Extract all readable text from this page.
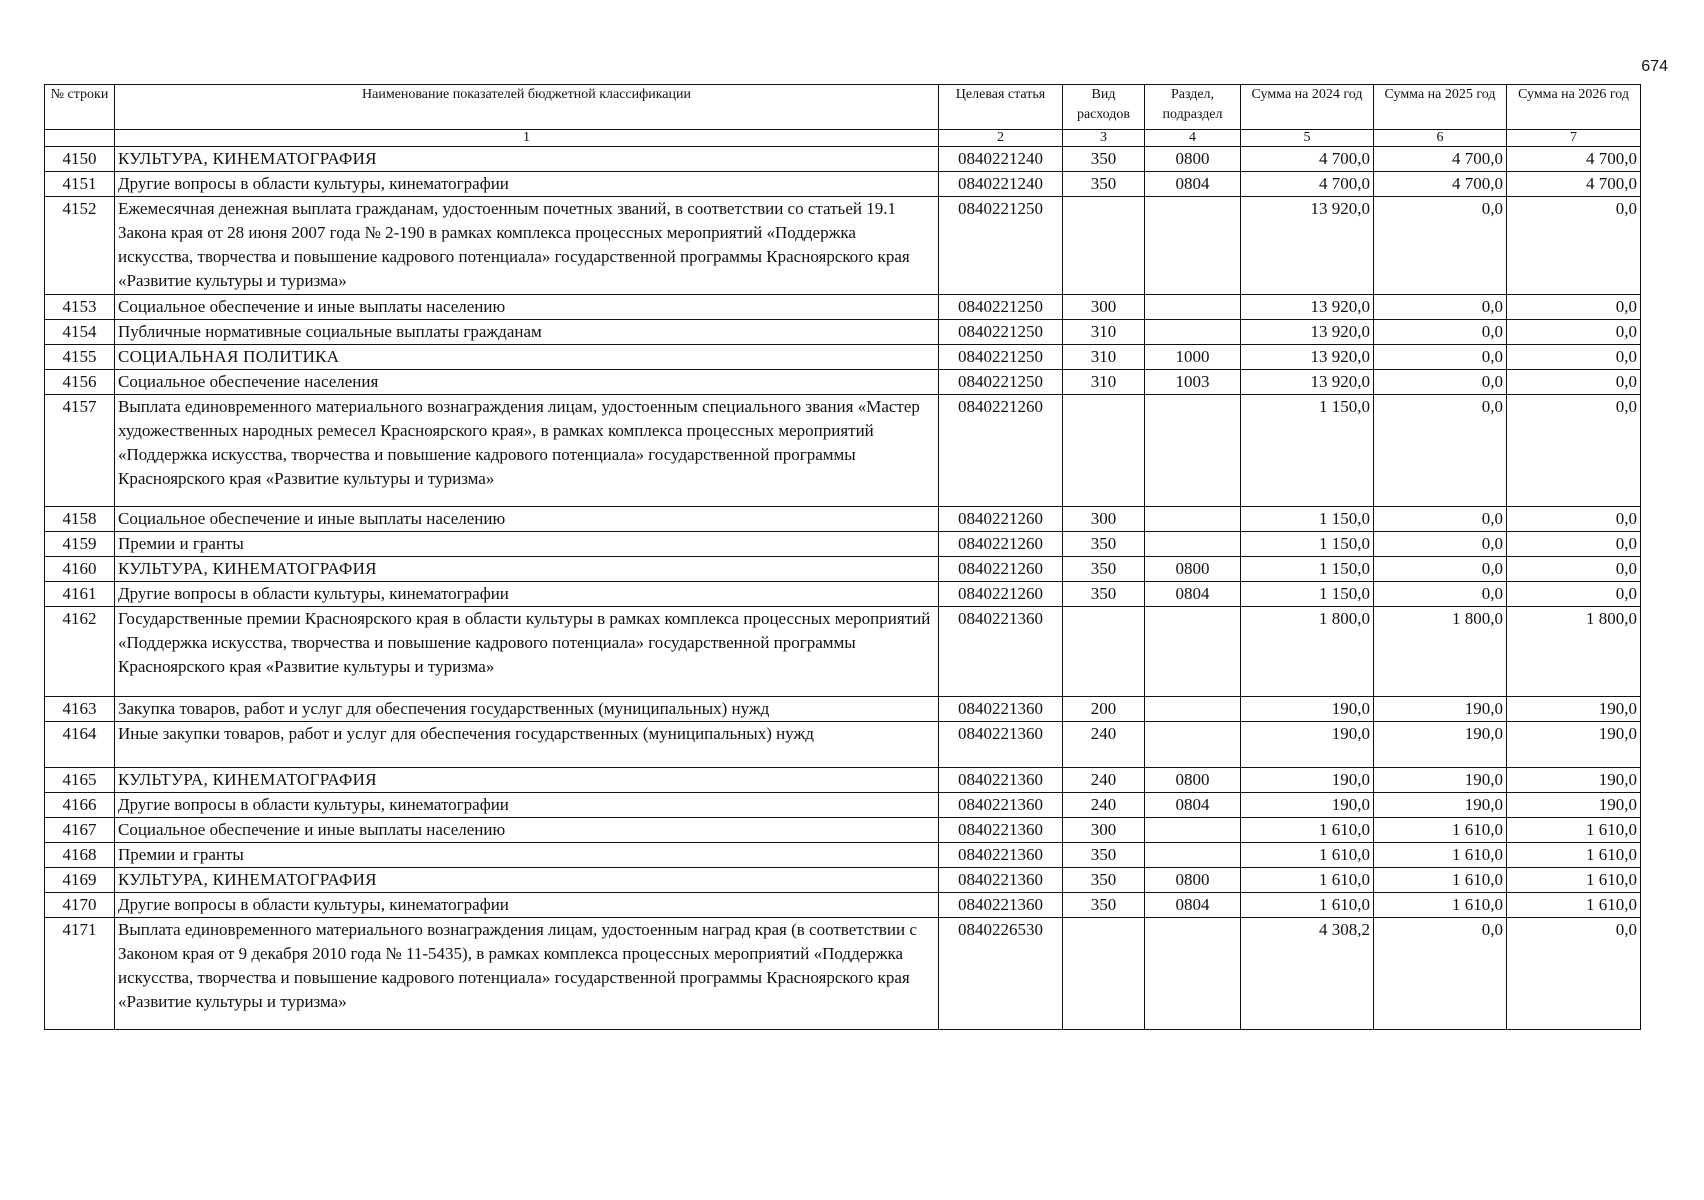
674
№ строки	Наименование показателей бюджетной классификации	Целевая статья	Вид расходов	Раздел, подраздел	Сумма на 2024 год	Сумма на 2025 год	Сумма на 2026 год
	1	2	3	4	5	6	7
4150	КУЛЬТУРА, КИНЕМАТОГРАФИЯ	0840221240	350	0800	4 700,0	4 700,0	4 700,0
4151	Другие вопросы в области культуры, кинематографии	0840221240	350	0804	4 700,0	4 700,0	4 700,0
4152	Ежемесячная денежная выплата гражданам, удостоенным почетных званий, в соответствии со статьей 19.1 Закона края от 28 июня 2007 года № 2-190 в рамках комплекса процессных мероприятий «Поддержка искусства, творчества и повышение кадрового потенциала» государственной программы Красноярского края «Развитие культуры и туризма»	0840221250			13 920,0	0,0	0,0
4153	Социальное обеспечение и иные выплаты населению	0840221250	300		13 920,0	0,0	0,0
4154	Публичные нормативные социальные выплаты гражданам	0840221250	310		13 920,0	0,0	0,0
4155	СОЦИАЛЬНАЯ ПОЛИТИКА	0840221250	310	1000	13 920,0	0,0	0,0
4156	Социальное обеспечение населения	0840221250	310	1003	13 920,0	0,0	0,0
4157	Выплата единовременного материального вознаграждения лицам, удостоенным специального звания «Мастер художественных народных ремесел Красноярского края», в рамках комплекса процессных мероприятий «Поддержка искусства, творчества и повышение кадрового потенциала» государственной программы Красноярского края «Развитие культуры и туризма»	0840221260			1 150,0	0,0	0,0
4158	Социальное обеспечение и иные выплаты населению	0840221260	300		1 150,0	0,0	0,0
4159	Премии и гранты	0840221260	350		1 150,0	0,0	0,0
4160	КУЛЬТУРА, КИНЕМАТОГРАФИЯ	0840221260	350	0800	1 150,0	0,0	0,0
4161	Другие вопросы в области культуры, кинематографии	0840221260	350	0804	1 150,0	0,0	0,0
4162	Государственные премии Красноярского края в области культуры в рамках комплекса процессных мероприятий «Поддержка искусства, творчества и повышение кадрового потенциала» государственной программы Красноярского края «Развитие культуры и туризма»	0840221360			1 800,0	1 800,0	1 800,0
4163	Закупка товаров, работ и услуг для обеспечения государственных (муниципальных) нужд	0840221360	200		190,0	190,0	190,0
4164	Иные закупки товаров, работ и услуг для обеспечения государственных (муниципальных) нужд	0840221360	240		190,0	190,0	190,0
4165	КУЛЬТУРА, КИНЕМАТОГРАФИЯ	0840221360	240	0800	190,0	190,0	190,0
4166	Другие вопросы в области культуры, кинематографии	0840221360	240	0804	190,0	190,0	190,0
4167	Социальное обеспечение и иные выплаты населению	0840221360	300		1 610,0	1 610,0	1 610,0
4168	Премии и гранты	0840221360	350		1 610,0	1 610,0	1 610,0
4169	КУЛЬТУРА, КИНЕМАТОГРАФИЯ	0840221360	350	0800	1 610,0	1 610,0	1 610,0
4170	Другие вопросы в области культуры, кинематографии	0840221360	350	0804	1 610,0	1 610,0	1 610,0
4171	Выплата единовременного материального вознаграждения лицам, удостоенным наград края (в соответствии с Законом края от 9 декабря 2010 года № 11-5435), в рамках комплекса процессных мероприятий «Поддержка искусства, творчества и повышение кадрового потенциала» государственной программы Красноярского края «Развитие культуры и туризма»	0840226530			4 308,2	0,0	0,0
